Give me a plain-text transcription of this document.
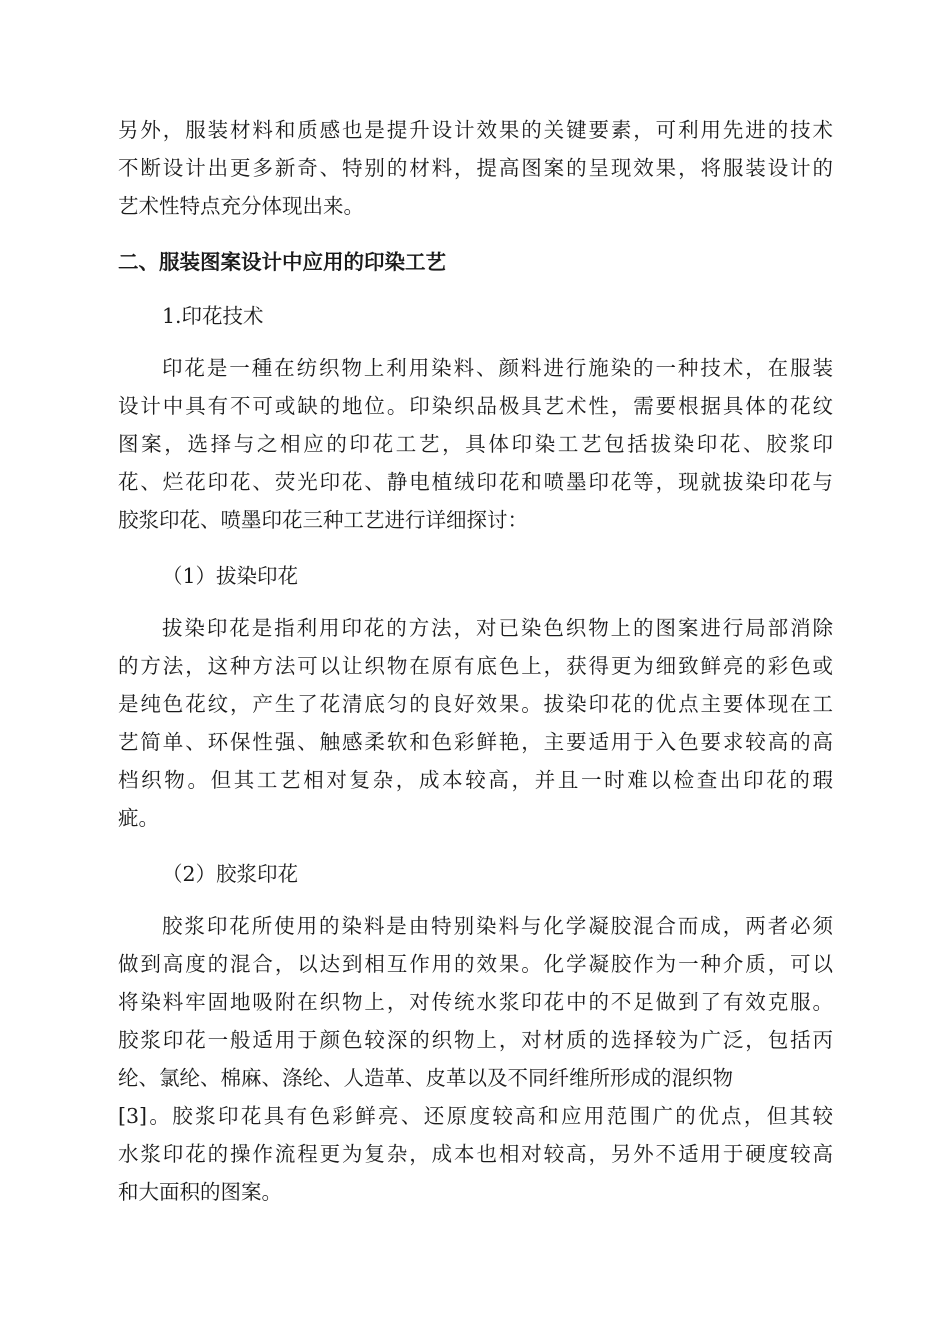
另外，服装材料和质感也是提升设计效果的关键要素，可利用先进的技术
不断设计出更多新奇、特别的材料，提高图案的呈现效果，将服装设计的
艺术性特点充分体现出来。
二、服装图案设计中应用的印染工艺
1.印花技术
印花是一種在纺织物上利用染料、颜料进行施染的一种技术，在服装
设计中具有不可或缺的地位。印染织品极具艺术性，需要根据具体的花纹
图案，选择与之相应的印花工艺，具体印染工艺包括拔染印花、胶浆印
花、烂花印花、荧光印花、静电植绒印花和喷墨印花等，现就拔染印花与
胶浆印花、喷墨印花三种工艺进行详细探讨：
（1）拔染印花
拔染印花是指利用印花的方法，对已染色织物上的图案进行局部消除
的方法，这种方法可以让织物在原有底色上，获得更为细致鲜亮的彩色或
是纯色花纹，产生了花清底匀的良好效果。拔染印花的优点主要体现在工
艺简单、环保性强、触感柔软和色彩鲜艳，主要适用于入色要求较高的高
档织物。但其工艺相对复杂，成本较高，并且一时难以检查出印花的瑕
疵。
（2）胶浆印花
胶浆印花所使用的染料是由特别染料与化学凝胶混合而成，两者必须
做到高度的混合，以达到相互作用的效果。化学凝胶作为一种介质，可以
将染料牢固地吸附在织物上，对传统水浆印花中的不足做到了有效克服。
胶浆印花一般适用于颜色较深的织物上，对材质的选择较为广泛，包括丙
纶、氯纶、棉麻、涤纶、人造革、皮革以及不同纤维所形成的混织物
[3]。胶浆印花具有色彩鲜亮、还原度较高和应用范围广的优点，但其较
水浆印花的操作流程更为复杂，成本也相对较高，另外不适用于硬度较高
和大面积的图案。
